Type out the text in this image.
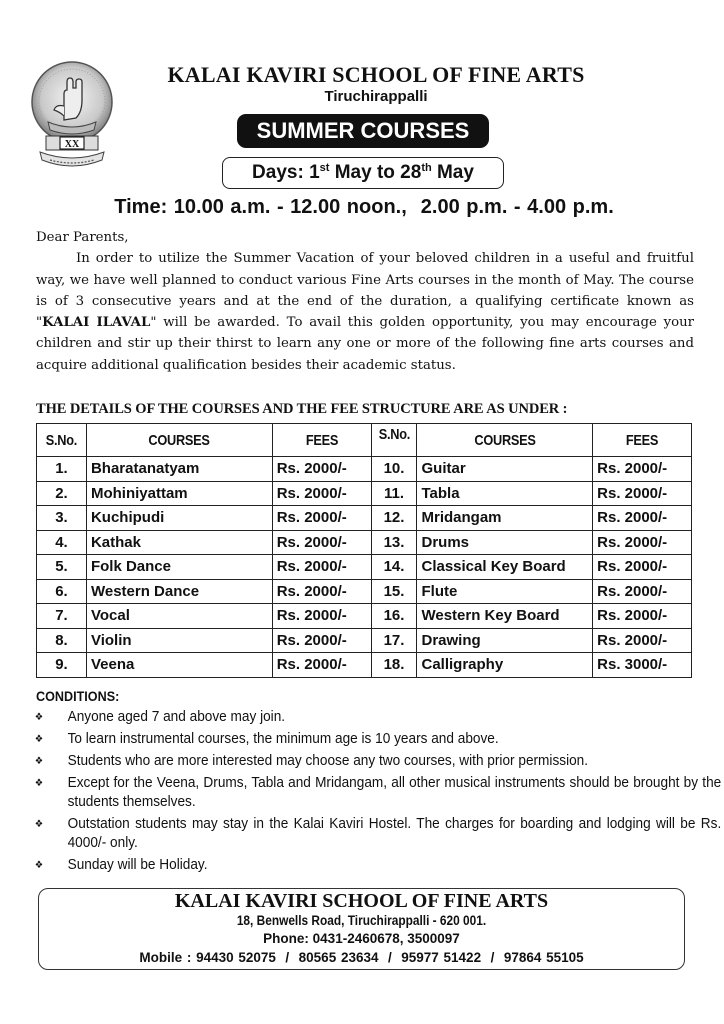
XX
KALAI KAVIRI SCHOOL OF FINE ARTS
Tiruchirappalli
SUMMER COURSES
Days: 1st May to 28th May
Time: 10.00 a.m. - 12.00 noon., 2.00 p.m. - 4.00 p.m.

Dear Parents,

In order to utilize the Summer Vacation of your beloved children in a useful and fruitful way, we have well planned to conduct various Fine Arts courses in the month of May. The course is of 3 consecutive years and at the end of the duration, a qualifying certificate known as "KALAI ILAVAL" will be awarded. To avail this golden opportunity, you may encourage your children and stir up their thirst to learn any one or more of the following fine arts courses and acquire additional qualification besides their academic status.

THE DETAILS OF THE COURSES AND THE FEE STRUCTURE ARE AS UNDER :
S.No.	COURSES	FEES	S.No.	COURSES	FEES
1.	Bharatanatyam	Rs. 2000/-	10.	Guitar	Rs. 2000/-
2.	Mohiniyattam	Rs. 2000/-	11.	Tabla	Rs. 2000/-
3.	Kuchipudi	Rs. 2000/-	12.	Mridangam	Rs. 2000/-
4.	Kathak	Rs. 2000/-	13.	Drums	Rs. 2000/-
5.	Folk Dance	Rs. 2000/-	14.	Classical Key Board	Rs. 2000/-
6.	Western Dance	Rs. 2000/-	15.	Flute	Rs. 2000/-
7.	Vocal	Rs. 2000/-	16.	Western Key Board	Rs. 2000/-
8.	Violin	Rs. 2000/-	17.	Drawing	Rs. 2000/-
9.	Veena	Rs. 2000/-	18.	Calligraphy	Rs. 3000/-
CONDITIONS:
❖ Anyone aged 7 and above may join.
❖ To learn instrumental courses, the minimum age is 10 years and above.
❖ Students who are more interested may choose any two courses, with prior permission.
❖ Except for the Veena, Drums, Tabla and Mridangam, all other musical instruments should be brought by the students themselves.
❖ Outstation students may stay in the Kalai Kaviri Hostel. The charges for boarding and lodging will be Rs. 4000/- only.
❖ Sunday will be Holiday.
KALAI KAVIRI SCHOOL OF FINE ARTS
18, Benwells Road, Tiruchirappalli - 620 001.
Phone: 0431-2460678, 3500097
Mobile : 94430 52075  /  80565 23634  /  95977 51422  /  97864 55105
